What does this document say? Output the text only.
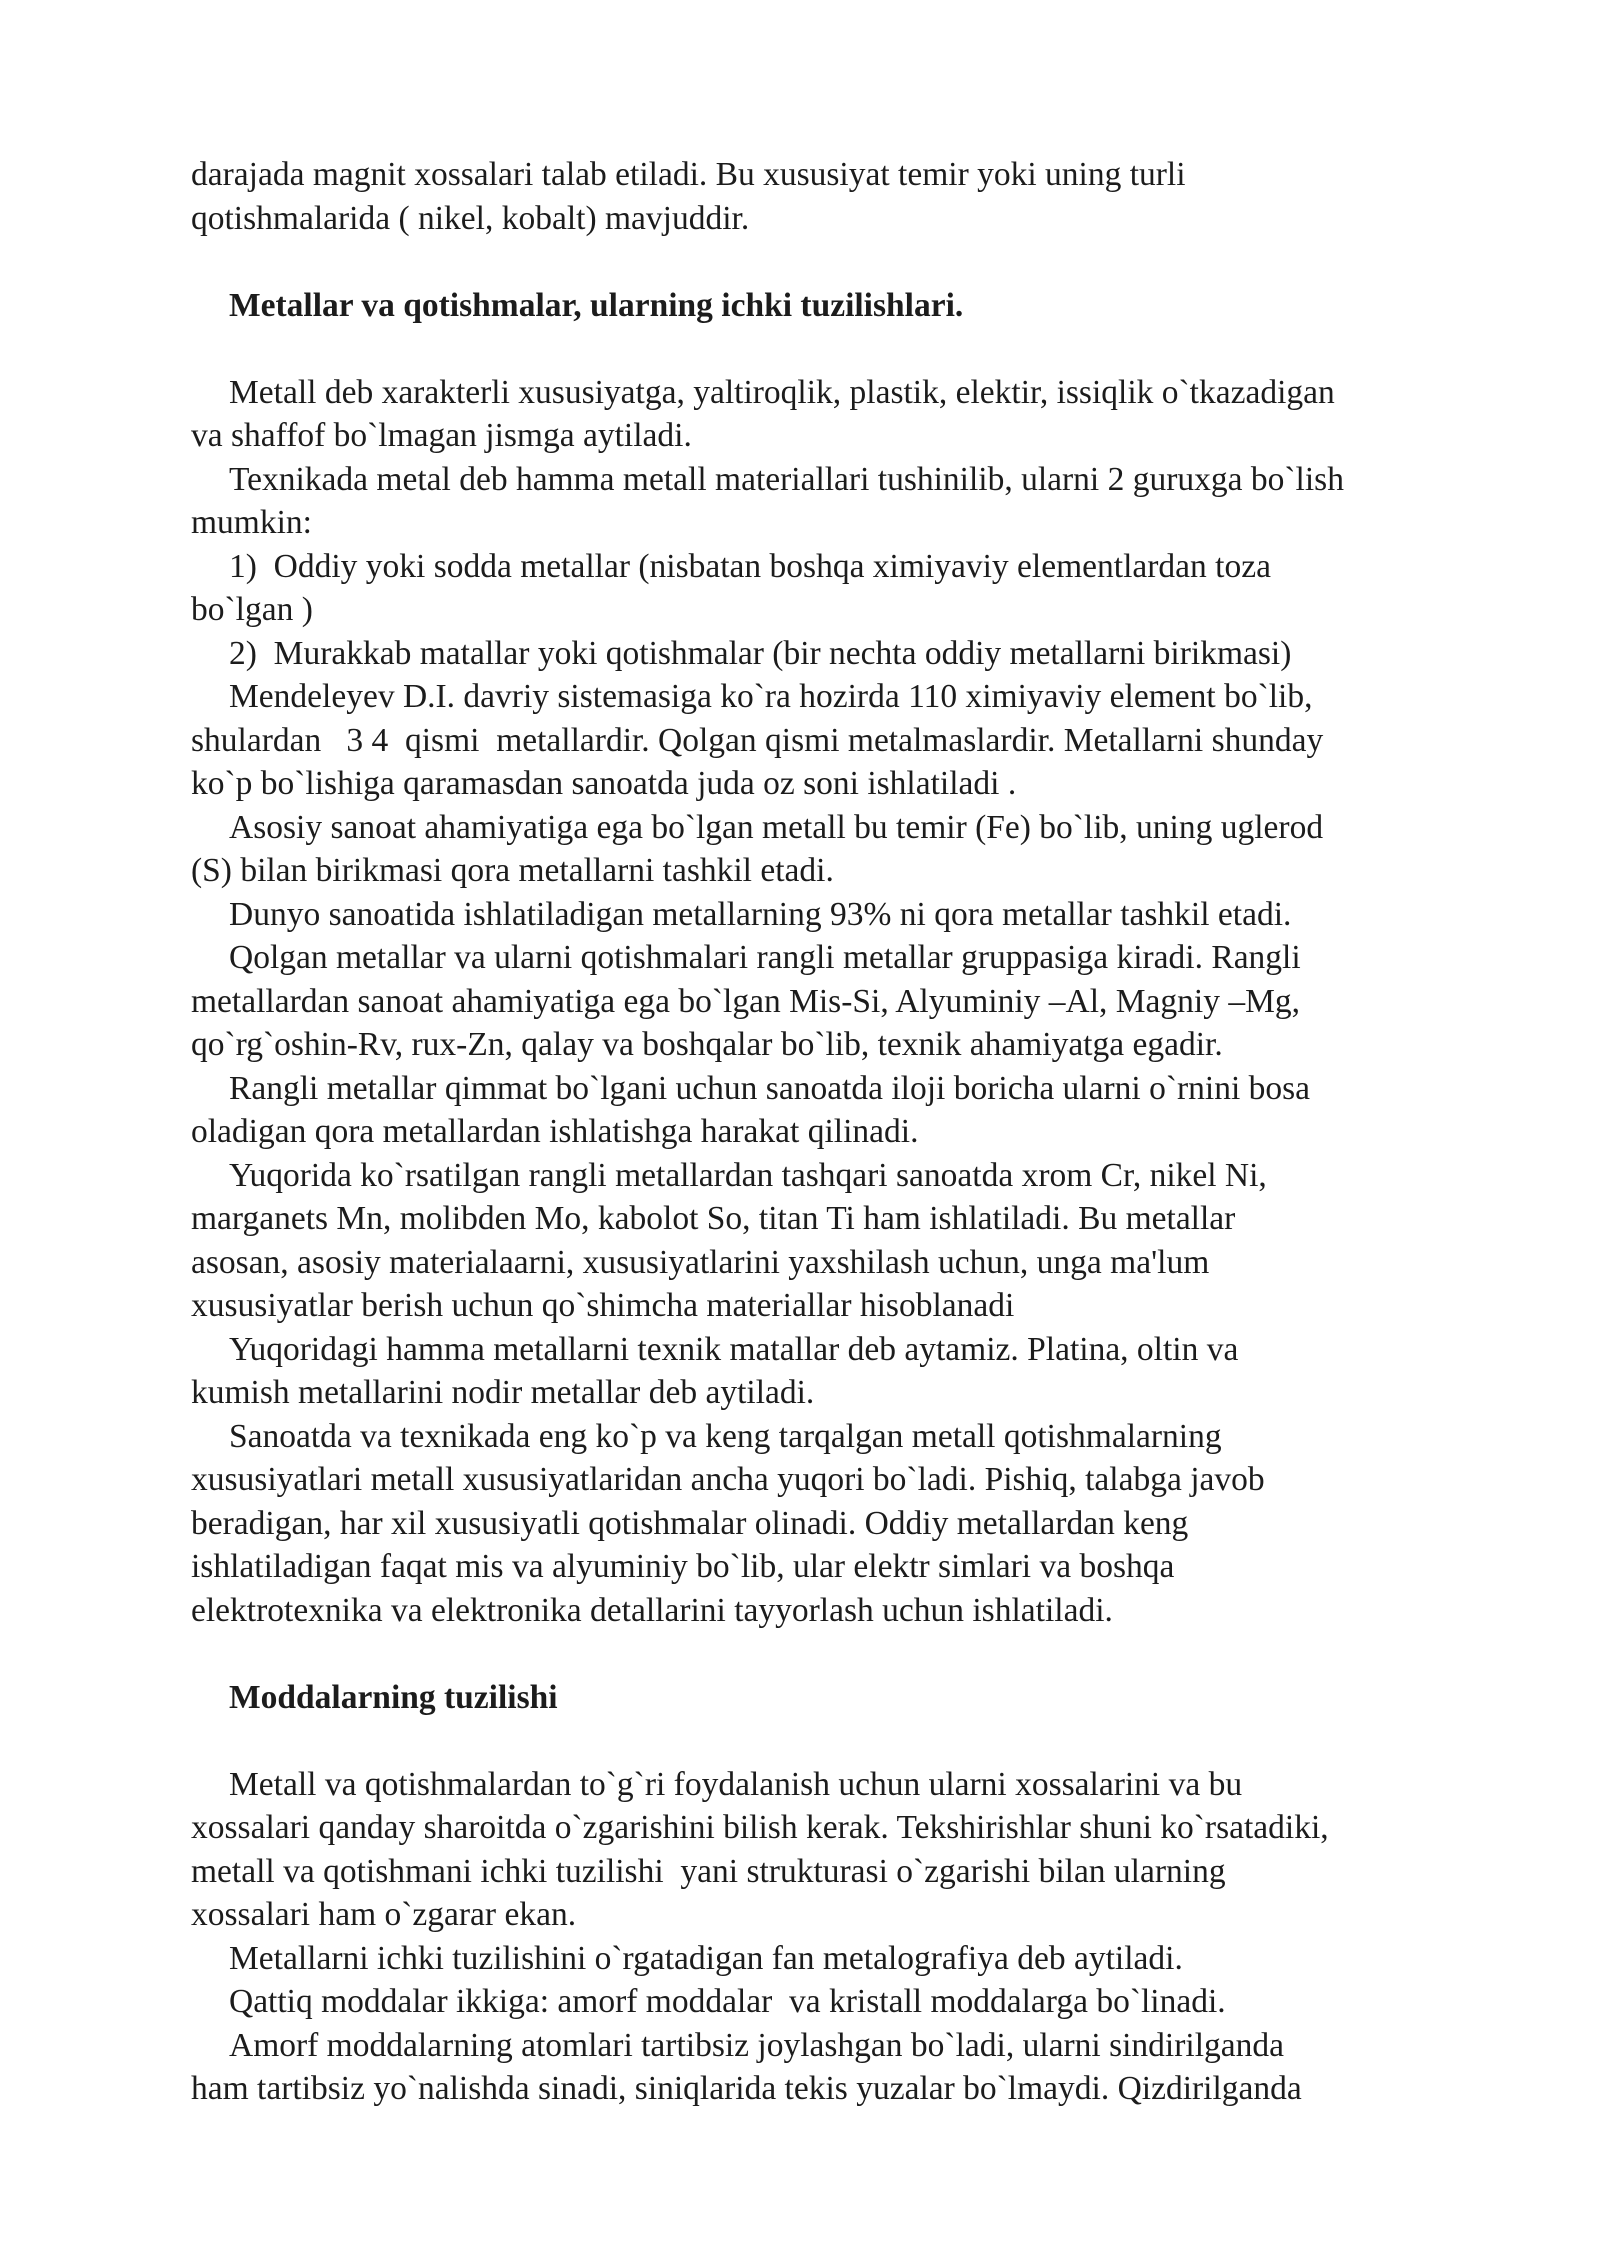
darajada magnit xossalari talab etiladi. Bu xususiyat temir yoki uning turli
qotishmalarida ( nikel, kobalt) mavjuddir.
Metallar va qotishmalar, ularning ichki tuzilishlari.
Metall deb xarakterli xususiyatga, yaltiroqlik, plastik, elektir, issiqlik o`tkazadigan
va shaffof bo`lmagan jismga aytiladi.
Texnikada metal deb hamma metall materiallari tushinilib, ularni 2 guruxga bo`lish
mumkin:
1)  Oddiy yoki sodda metallar (nisbatan boshqa ximiyaviy elementlardan toza
bo`lgan )
2)  Murakkab matallar yoki qotishmalar (bir nechta oddiy metallarni birikmasi)
Mendeleyev D.I. davriy sistemasiga ko`ra hozirda 110 ximiyaviy element bo`lib,
shulardan   3 4  qismi  metallardir. Qolgan qismi metalmaslardir. Metallarni shunday
ko`p bo`lishiga qaramasdan sanoatda juda oz soni ishlatiladi .
Asosiy sanoat ahamiyatiga ega bo`lgan metall bu temir (Fe) bo`lib, uning uglerod
(S) bilan birikmasi qora metallarni tashkil etadi.
Dunyo sanoatida ishlatiladigan metallarning 93% ni qora metallar tashkil etadi.
Qolgan metallar va ularni qotishmalari rangli metallar gruppasiga kiradi. Rangli
metallardan sanoat ahamiyatiga ega bo`lgan Mis-Si, Alyuminiy –Al, Magniy –Mg,
qo`rg`oshin-Rv, rux-Zn, qalay va boshqalar bo`lib, texnik ahamiyatga egadir.
Rangli metallar qimmat bo`lgani uchun sanoatda iloji boricha ularni o`rnini bosa
oladigan qora metallardan ishlatishga harakat qilinadi.
Yuqorida ko`rsatilgan rangli metallardan tashqari sanoatda xrom Cr, nikel Ni,
marganets Mn, molibden Mo, kabolot So, titan Ti ham ishlatiladi. Bu metallar
asosan, asosiy materialaarni, xususiyatlarini yaxshilash uchun, unga ma'lum
xususiyatlar berish uchun qo`shimcha materiallar hisoblanadi
Yuqoridagi hamma metallarni texnik matallar deb aytamiz. Platina, oltin va
kumish metallarini nodir metallar deb aytiladi.
Sanoatda va texnikada eng ko`p va keng tarqalgan metall qotishmalarning
xususiyatlari metall xususiyatlaridan ancha yuqori bo`ladi. Pishiq, talabga javob
beradigan, har xil xususiyatli qotishmalar olinadi. Oddiy metallardan keng
ishlatiladigan faqat mis va alyuminiy bo`lib, ular elektr simlari va boshqa
elektrotexnika va elektronika detallarini tayyorlash uchun ishlatiladi.
Moddalarning tuzilishi
Metall va qotishmalardan to`g`ri foydalanish uchun ularni xossalarini va bu
xossalari qanday sharoitda o`zgarishini bilish kerak. Tekshirishlar shuni ko`rsatadiki,
metall va qotishmani ichki tuzilishi  yani strukturasi o`zgarishi bilan ularning
xossalari ham o`zgarar ekan.
Metallarni ichki tuzilishini o`rgatadigan fan metalografiya deb aytiladi.
Qattiq moddalar ikkiga: amorf moddalar  va kristall moddalarga bo`linadi.
Amorf moddalarning atomlari tartibsiz joylashgan bo`ladi, ularni sindirilganda
ham tartibsiz yo`nalishda sinadi, siniqlarida tekis yuzalar bo`lmaydi. Qizdirilganda
